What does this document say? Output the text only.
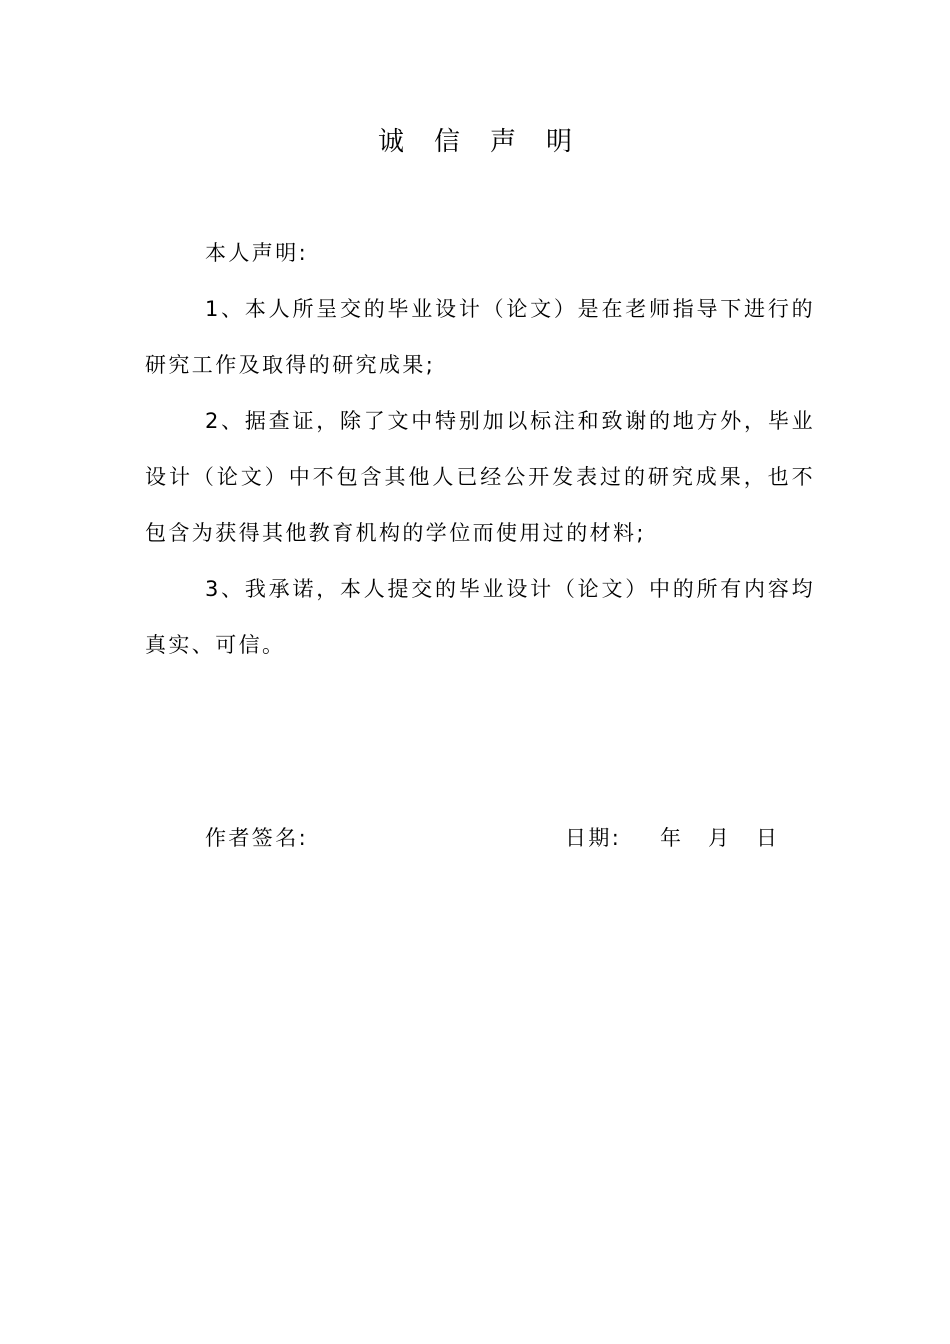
诚信声明

本人声明:

1、本人所呈交的毕业设计（论文）是在老师指导下进行的研究工作及取得的研究成果;

2、据查证，除了文中特别加以标注和致谢的地方外，毕业设计（论文）中不包含其他人已经公开发表过的研究成果，也不包含为获得其他教育机构的学位而使用过的材料;

3、我承诺，本人提交的毕业设计（论文）中的所有内容均真实、可信。

作者签名:	日期: 年 月 日
